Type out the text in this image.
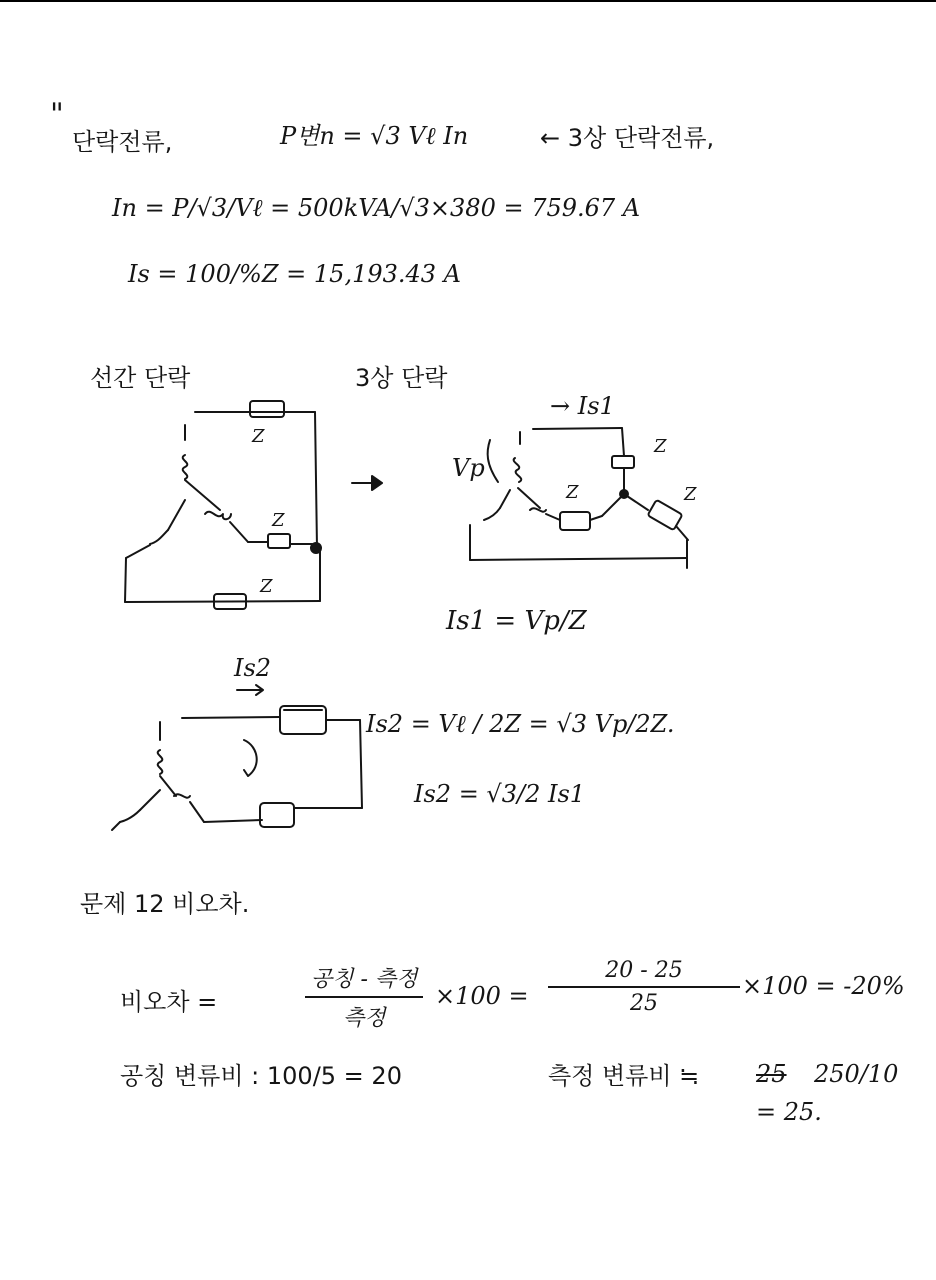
"
단락전류,	P변n = √3 Vℓ In	← 3상 단락전류,
In = P/√3/Vℓ = 500kVA/√3×380 = 759.67 A
Is = 100/%Z = 15,193.43 A
선간 단락	3상 단락
→ Is1
Vp
Z
Z
Z
Z
Z	Z
Is1 = Vp/Z
Is2
Is2 = Vℓ / 2Z = √3 Vp/2Z.
Is2 = √3/2 Is1
문제 12 비오차.
비오차 =
공칭 - 측정
측정
×100 =
20 - 25
25
×100 = -20%
공칭 변류비 : 100/5 = 20	측정 변류비 ≒ 25 250/10
= 25.
